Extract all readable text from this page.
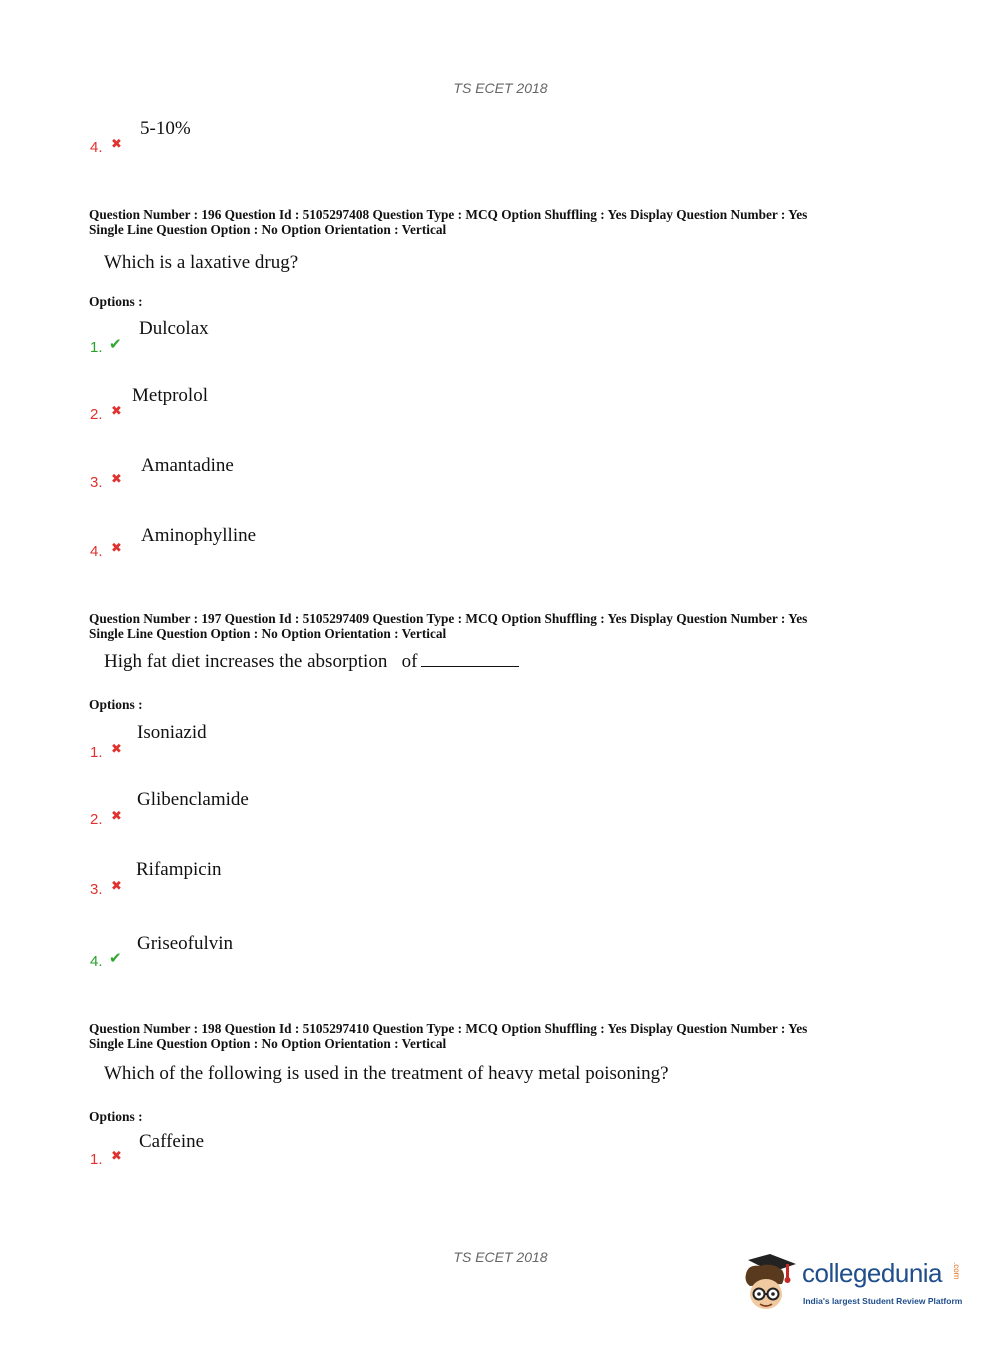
TS ECET 2018
4. ✖
5-10%
Question Number : 196 Question Id : 5105297408 Question Type : MCQ Option Shuffling : Yes Display Question Number : Yes
Single Line Question Option : No Option Orientation : Vertical
Which is a laxative drug?
Options :
1. ✔
Dulcolax
2. ✖
Metprolol
3. ✖
Amantadine
4. ✖
Aminophylline
Question Number : 197 Question Id : 5105297409 Question Type : MCQ Option Shuffling : Yes Display Question Number : Yes
Single Line Question Option : No Option Orientation : Vertical
High fat diet increases the absorption   of
Options :
1. ✖
Isoniazid
2. ✖
Glibenclamide
3. ✖
Rifampicin
4. ✔
Griseofulvin
Question Number : 198 Question Id : 5105297410 Question Type : MCQ Option Shuffling : Yes Display Question Number : Yes
Single Line Question Option : No Option Orientation : Vertical
Which of the following is used in the treatment of heavy metal poisoning?
Options :
1. ✖
Caffeine
TS ECET 2018
collegedunia .com
India's largest Student Review Platform
